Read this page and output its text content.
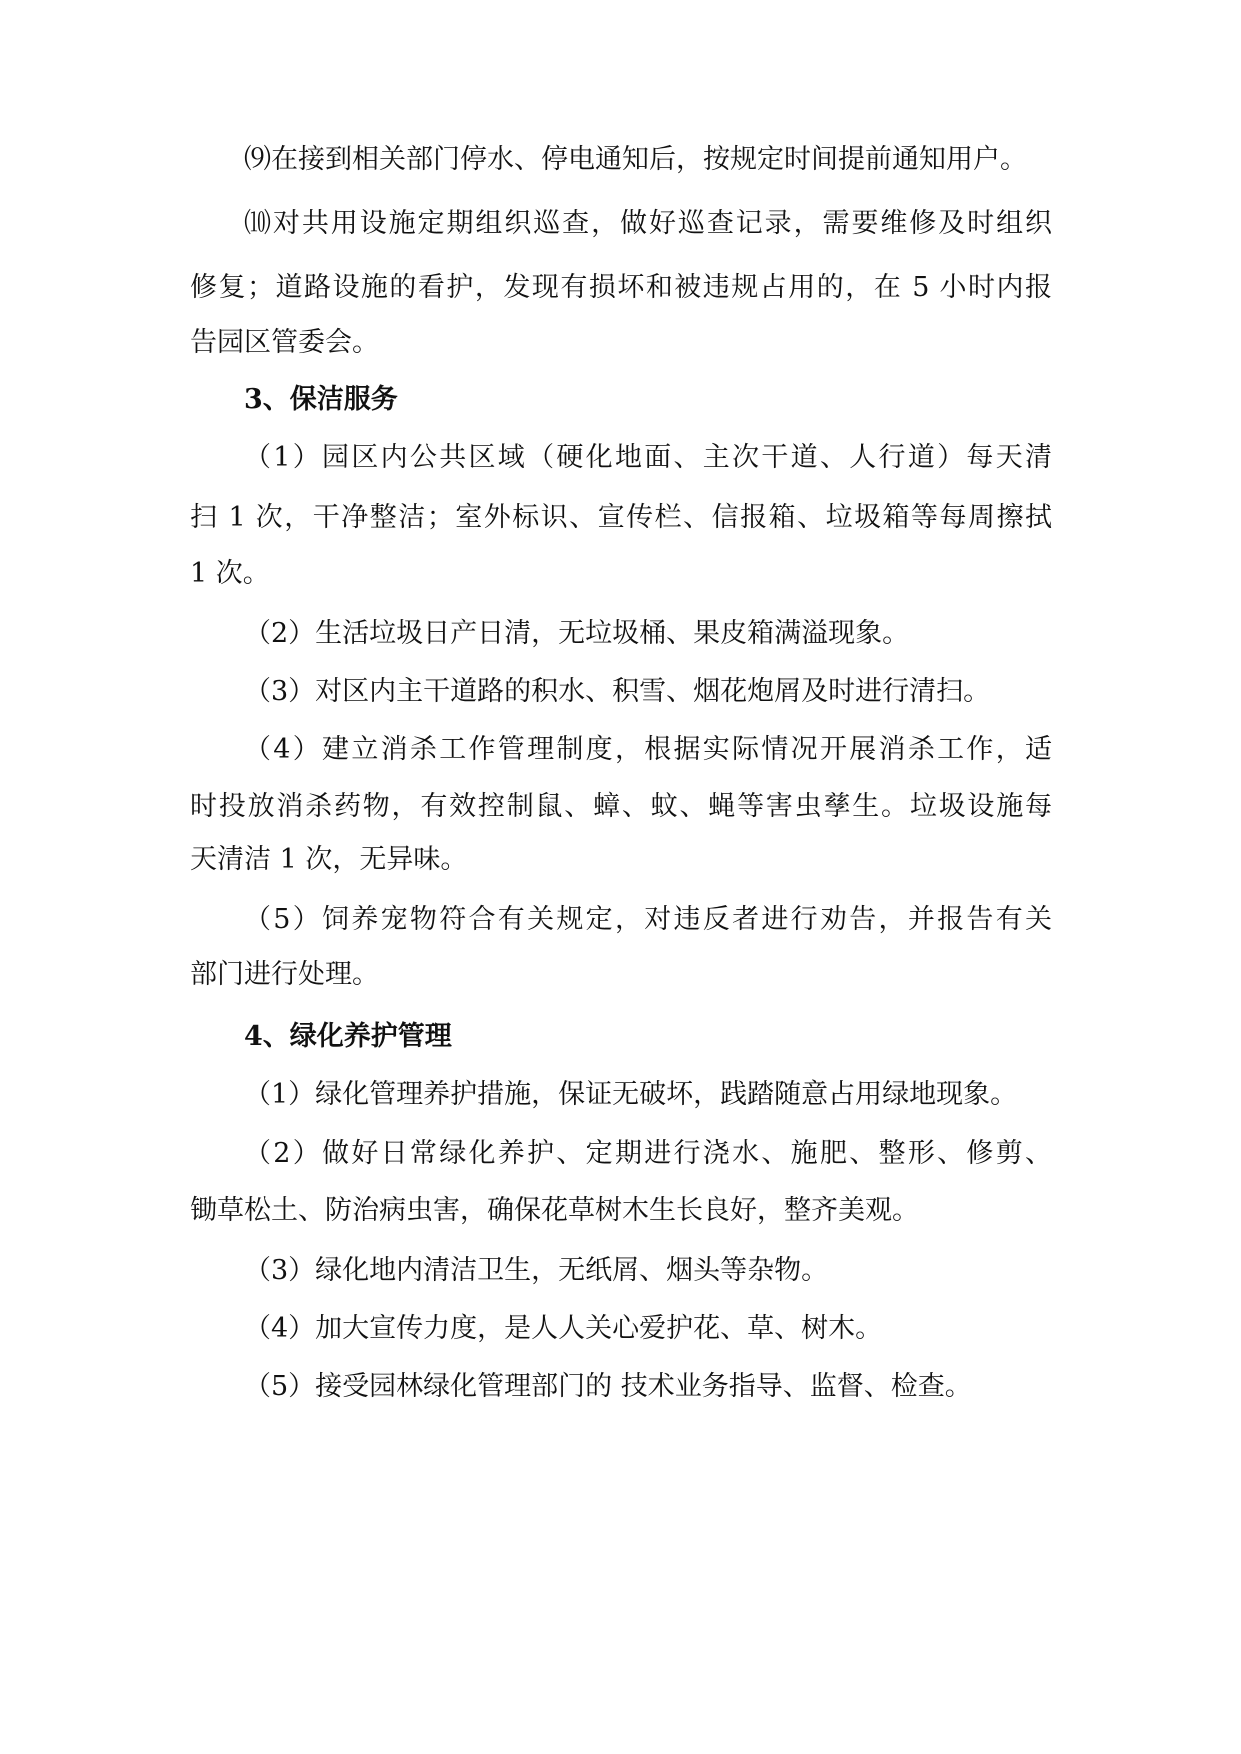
⑼在接到相关部门停水、停电通知后，按规定时间提前通知用户。
⑽对共用设施定期组织巡查，做好巡查记录，需要维修及时组织
修复；道路设施的看护，发现有损坏和被违规占用的，在 5 小时内报
告园区管委会。
3、保洁服务
（1）园区内公共区域（硬化地面、主次干道、人行道）每天清
扫 1 次，干净整洁；室外标识、宣传栏、信报箱、垃圾箱等每周擦拭
1 次。
（2）生活垃圾日产日清，无垃圾桶、果皮箱满溢现象。
（3）对区内主干道路的积水、积雪、烟花炮屑及时进行清扫。
（4）建立消杀工作管理制度，根据实际情况开展消杀工作，适
时投放消杀药物，有效控制鼠、蟑、蚊、蝇等害虫孳生。垃圾设施每
天清洁 1 次，无异味。
（5）饲养宠物符合有关规定，对违反者进行劝告，并报告有关
部门进行处理。
4、绿化养护管理
（1）绿化管理养护措施，保证无破坏，践踏随意占用绿地现象。
（2）做好日常绿化养护、定期进行浇水、施肥、整形、修剪、
锄草松土、防治病虫害，确保花草树木生长良好，整齐美观。
（3）绿化地内清洁卫生，无纸屑、烟头等杂物。
（4）加大宣传力度，是人人关心爱护花、草、树木。
（5）接受园林绿化管理部门的 技术业务指导、监督、检查。
